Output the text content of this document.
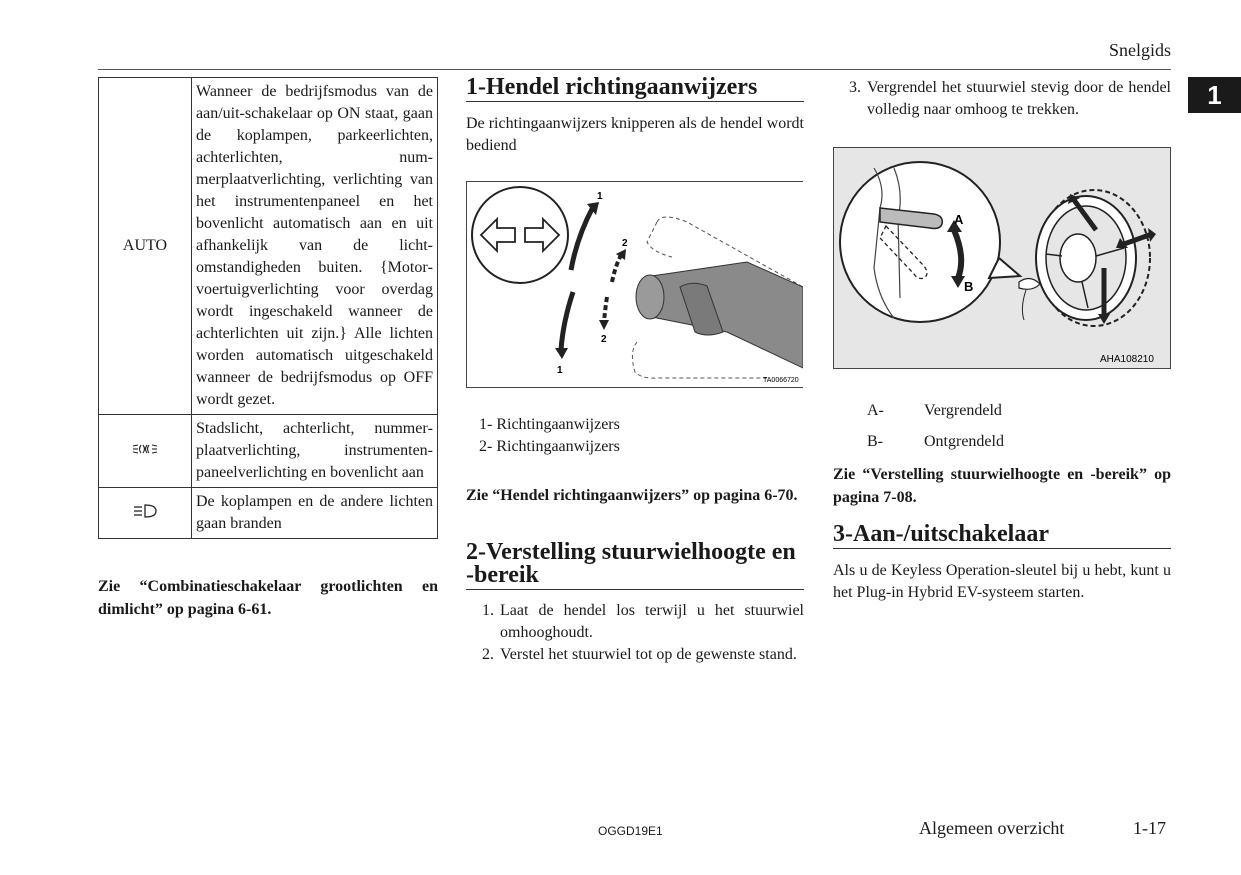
Snelgids
1
AUTO	Wanneer de bedrijfsmodus van de aan/uit-schakelaar op ON staat, gaan de koplampen, parkeerlichten, achterlichten, nummerplaatverlichting, verlichting van het instrumentenpaneel en het bovenlicht automatisch aan en uit afhankelijk van de lichtomstandigheden buiten. {Motorvoertuigverlichting voor overdag wordt ingeschakeld wanneer de achterlichten uit zijn.} Alle lichten worden automatisch uitgeschakeld wanneer de bedrijfsmodus op OFF wordt gezet.
	Stadslicht, achterlicht, nummerplaatverlichting, instrumentenpaneelverlichting en bovenlicht aan
	De koplampen en de andere lichten gaan branden
Zie “Combinatieschakelaar grootlichten en dimlicht” op pagina 6-61.
1-Hendel richtingaanwijzers
De richtingaanwijzers knipperen als de hendel wordt bediend
1
2
2
1
TA0066720
1- Richtingaanwijzers
2- Richtingaanwijzers
Zie “Hendel richtingaanwijzers” op pagina 6-70.
2-Verstelling stuurwielhoogte en -bereik
1. Laat de hendel los terwijl u het stuurwiel omhooghoudt.
2. Verstel het stuurwiel tot op de gewenste stand.
3. Vergrendel het stuurwiel stevig door de hendel volledig naar omhoog te trekken.
A
B
AHA108210
A-	Vergrendeld
B-	Ontgrendeld
Zie “Verstelling stuurwielhoogte en -bereik” op pagina 7-08.
3-Aan-/uitschakelaar
Als u de Keyless Operation-sleutel bij u hebt, kunt u het Plug-in Hybrid EV-systeem starten.
OGGD19E1	Algemeen overzicht	1-17
